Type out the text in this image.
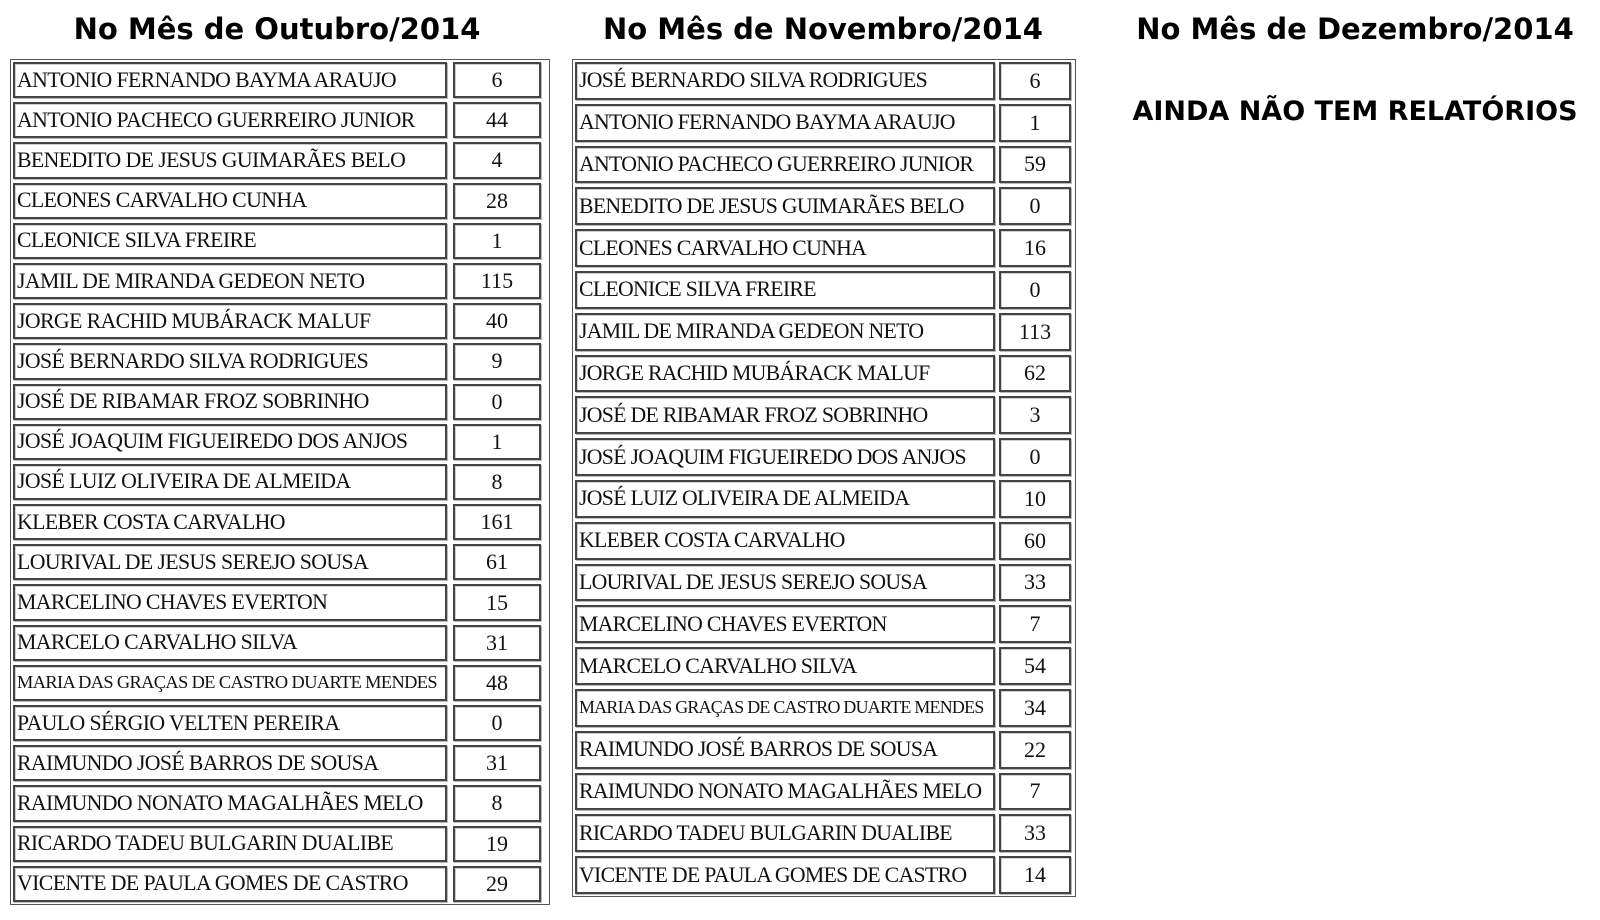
No Mês de Outubro/2014	No Mês de Novembro/2014	No Mês de Dezembro/2014
AINDA NÃO TEM RELATÓRIOS
ANTONIO FERNANDO BAYMA ARAUJO	6
ANTONIO PACHECO GUERREIRO JUNIOR	44
BENEDITO DE JESUS GUIMARÃES BELO	4
CLEONES CARVALHO CUNHA	28
CLEONICE SILVA FREIRE	1
JAMIL DE MIRANDA GEDEON NETO	115
JORGE RACHID MUBÁRACK MALUF	40
JOSÉ BERNARDO SILVA RODRIGUES	9
JOSÉ DE RIBAMAR FROZ SOBRINHO	0
JOSÉ JOAQUIM FIGUEIREDO DOS ANJOS	1
JOSÉ LUIZ OLIVEIRA DE ALMEIDA	8
KLEBER COSTA CARVALHO	161
LOURIVAL DE JESUS SEREJO SOUSA	61
MARCELINO CHAVES EVERTON	15
MARCELO CARVALHO SILVA	31
MARIA DAS GRAÇAS DE CASTRO DUARTE MENDES	48
PAULO SÉRGIO VELTEN PEREIRA	0
RAIMUNDO JOSÉ BARROS DE SOUSA	31
RAIMUNDO NONATO MAGALHÃES MELO	8
RICARDO TADEU BULGARIN DUALIBE	19
VICENTE DE PAULA GOMES DE CASTRO	29
JOSÉ BERNARDO SILVA RODRIGUES	6
ANTONIO FERNANDO BAYMA ARAUJO	1
ANTONIO PACHECO GUERREIRO JUNIOR	59
BENEDITO DE JESUS GUIMARÃES BELO	0
CLEONES CARVALHO CUNHA	16
CLEONICE SILVA FREIRE	0
JAMIL DE MIRANDA GEDEON NETO	113
JORGE RACHID MUBÁRACK MALUF	62
JOSÉ DE RIBAMAR FROZ SOBRINHO	3
JOSÉ JOAQUIM FIGUEIREDO DOS ANJOS	0
JOSÉ LUIZ OLIVEIRA DE ALMEIDA	10
KLEBER COSTA CARVALHO	60
LOURIVAL DE JESUS SEREJO SOUSA	33
MARCELINO CHAVES EVERTON	7
MARCELO CARVALHO SILVA	54
MARIA DAS GRAÇAS DE CASTRO DUARTE MENDES	34
RAIMUNDO JOSÉ BARROS DE SOUSA	22
RAIMUNDO NONATO MAGALHÃES MELO	7
RICARDO TADEU BULGARIN DUALIBE	33
VICENTE DE PAULA GOMES DE CASTRO	14
